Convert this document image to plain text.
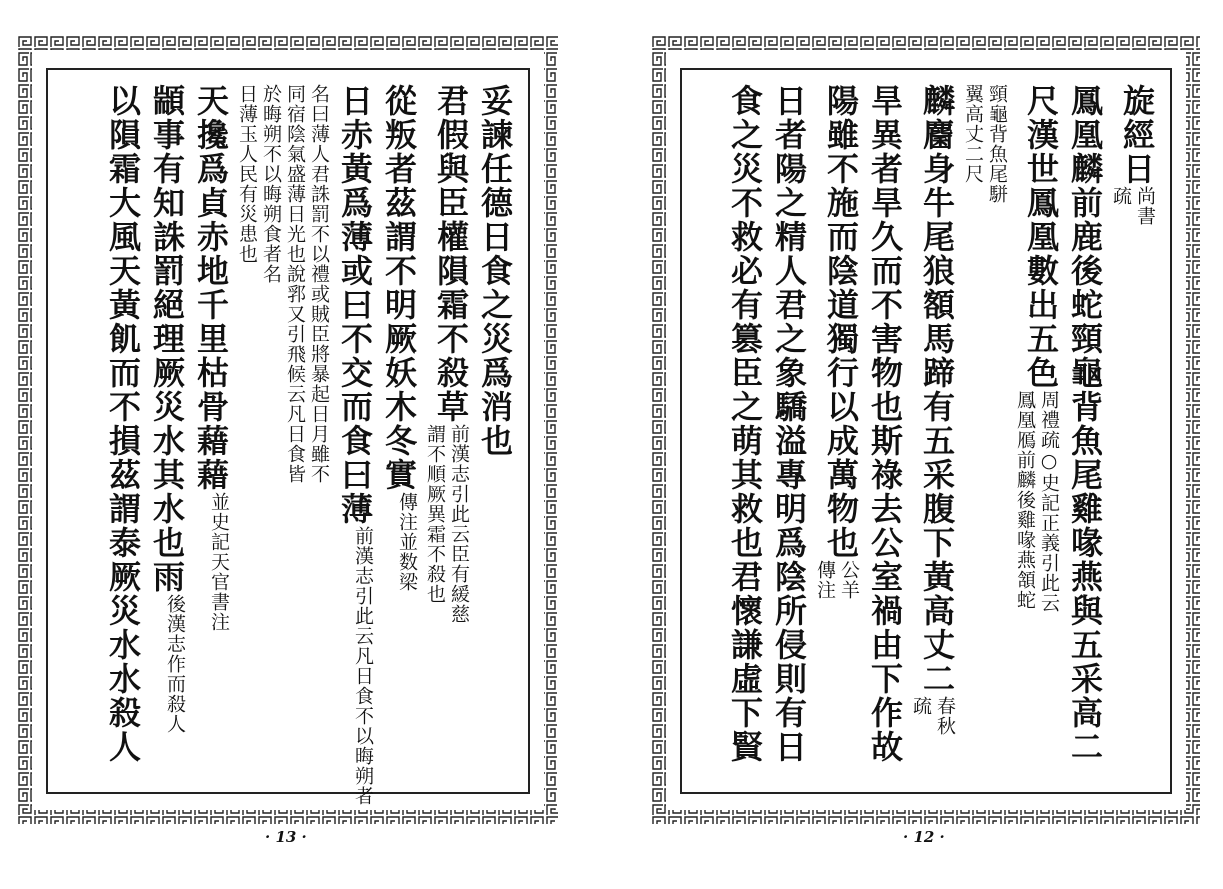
妥諫任德日食之災爲消也
君假與臣權隕霜不殺草
前漢志引此云臣有緩慈
謂不順厥異霜不殺也
從叛者茲謂不明厥妖木冬實
傳注並数梁
日赤黃爲薄或曰不交而食曰薄
前漢志引此云凡日食不以晦朔者
名曰薄人君誅罰不以禮或賊臣將暴起日月雖不
同宿陰氣盛薄日光也說郛又引飛候云凡日食皆
於晦朔不以晦朔食者名
日薄玉人民有災患也
天攙爲貞赤地千里枯骨藉藉
並史記天官書注
顓事有知誅罰絕理厥災水其水也雨
後漢志作而殺人
以隕霜大風天黃飢而不損茲謂泰厥災水水殺人
· 13 ·
旋經日
尚書
疏
鳳凰麟前鹿後蛇頸龜背魚尾雞喙燕與五采高二
尺漢世鳳凰數出五色
周禮疏○史記正義引此云
鳳凰鴈前麟後雞喙燕頷蛇
頸龜背魚尾駢
翼高丈二尺
麟麕身牛尾狼額馬蹄有五采腹下黃高丈二
春秋
疏
旱異者旱久而不害物也斯祿去公室禍由下作故
陽雖不施而陰道獨行以成萬物也
公羊
傳注
日者陽之精人君之象驕溢專明爲陰所侵則有日
食之災不救必有篡臣之萌其救也君懷謙虛下賢
· 12 ·
